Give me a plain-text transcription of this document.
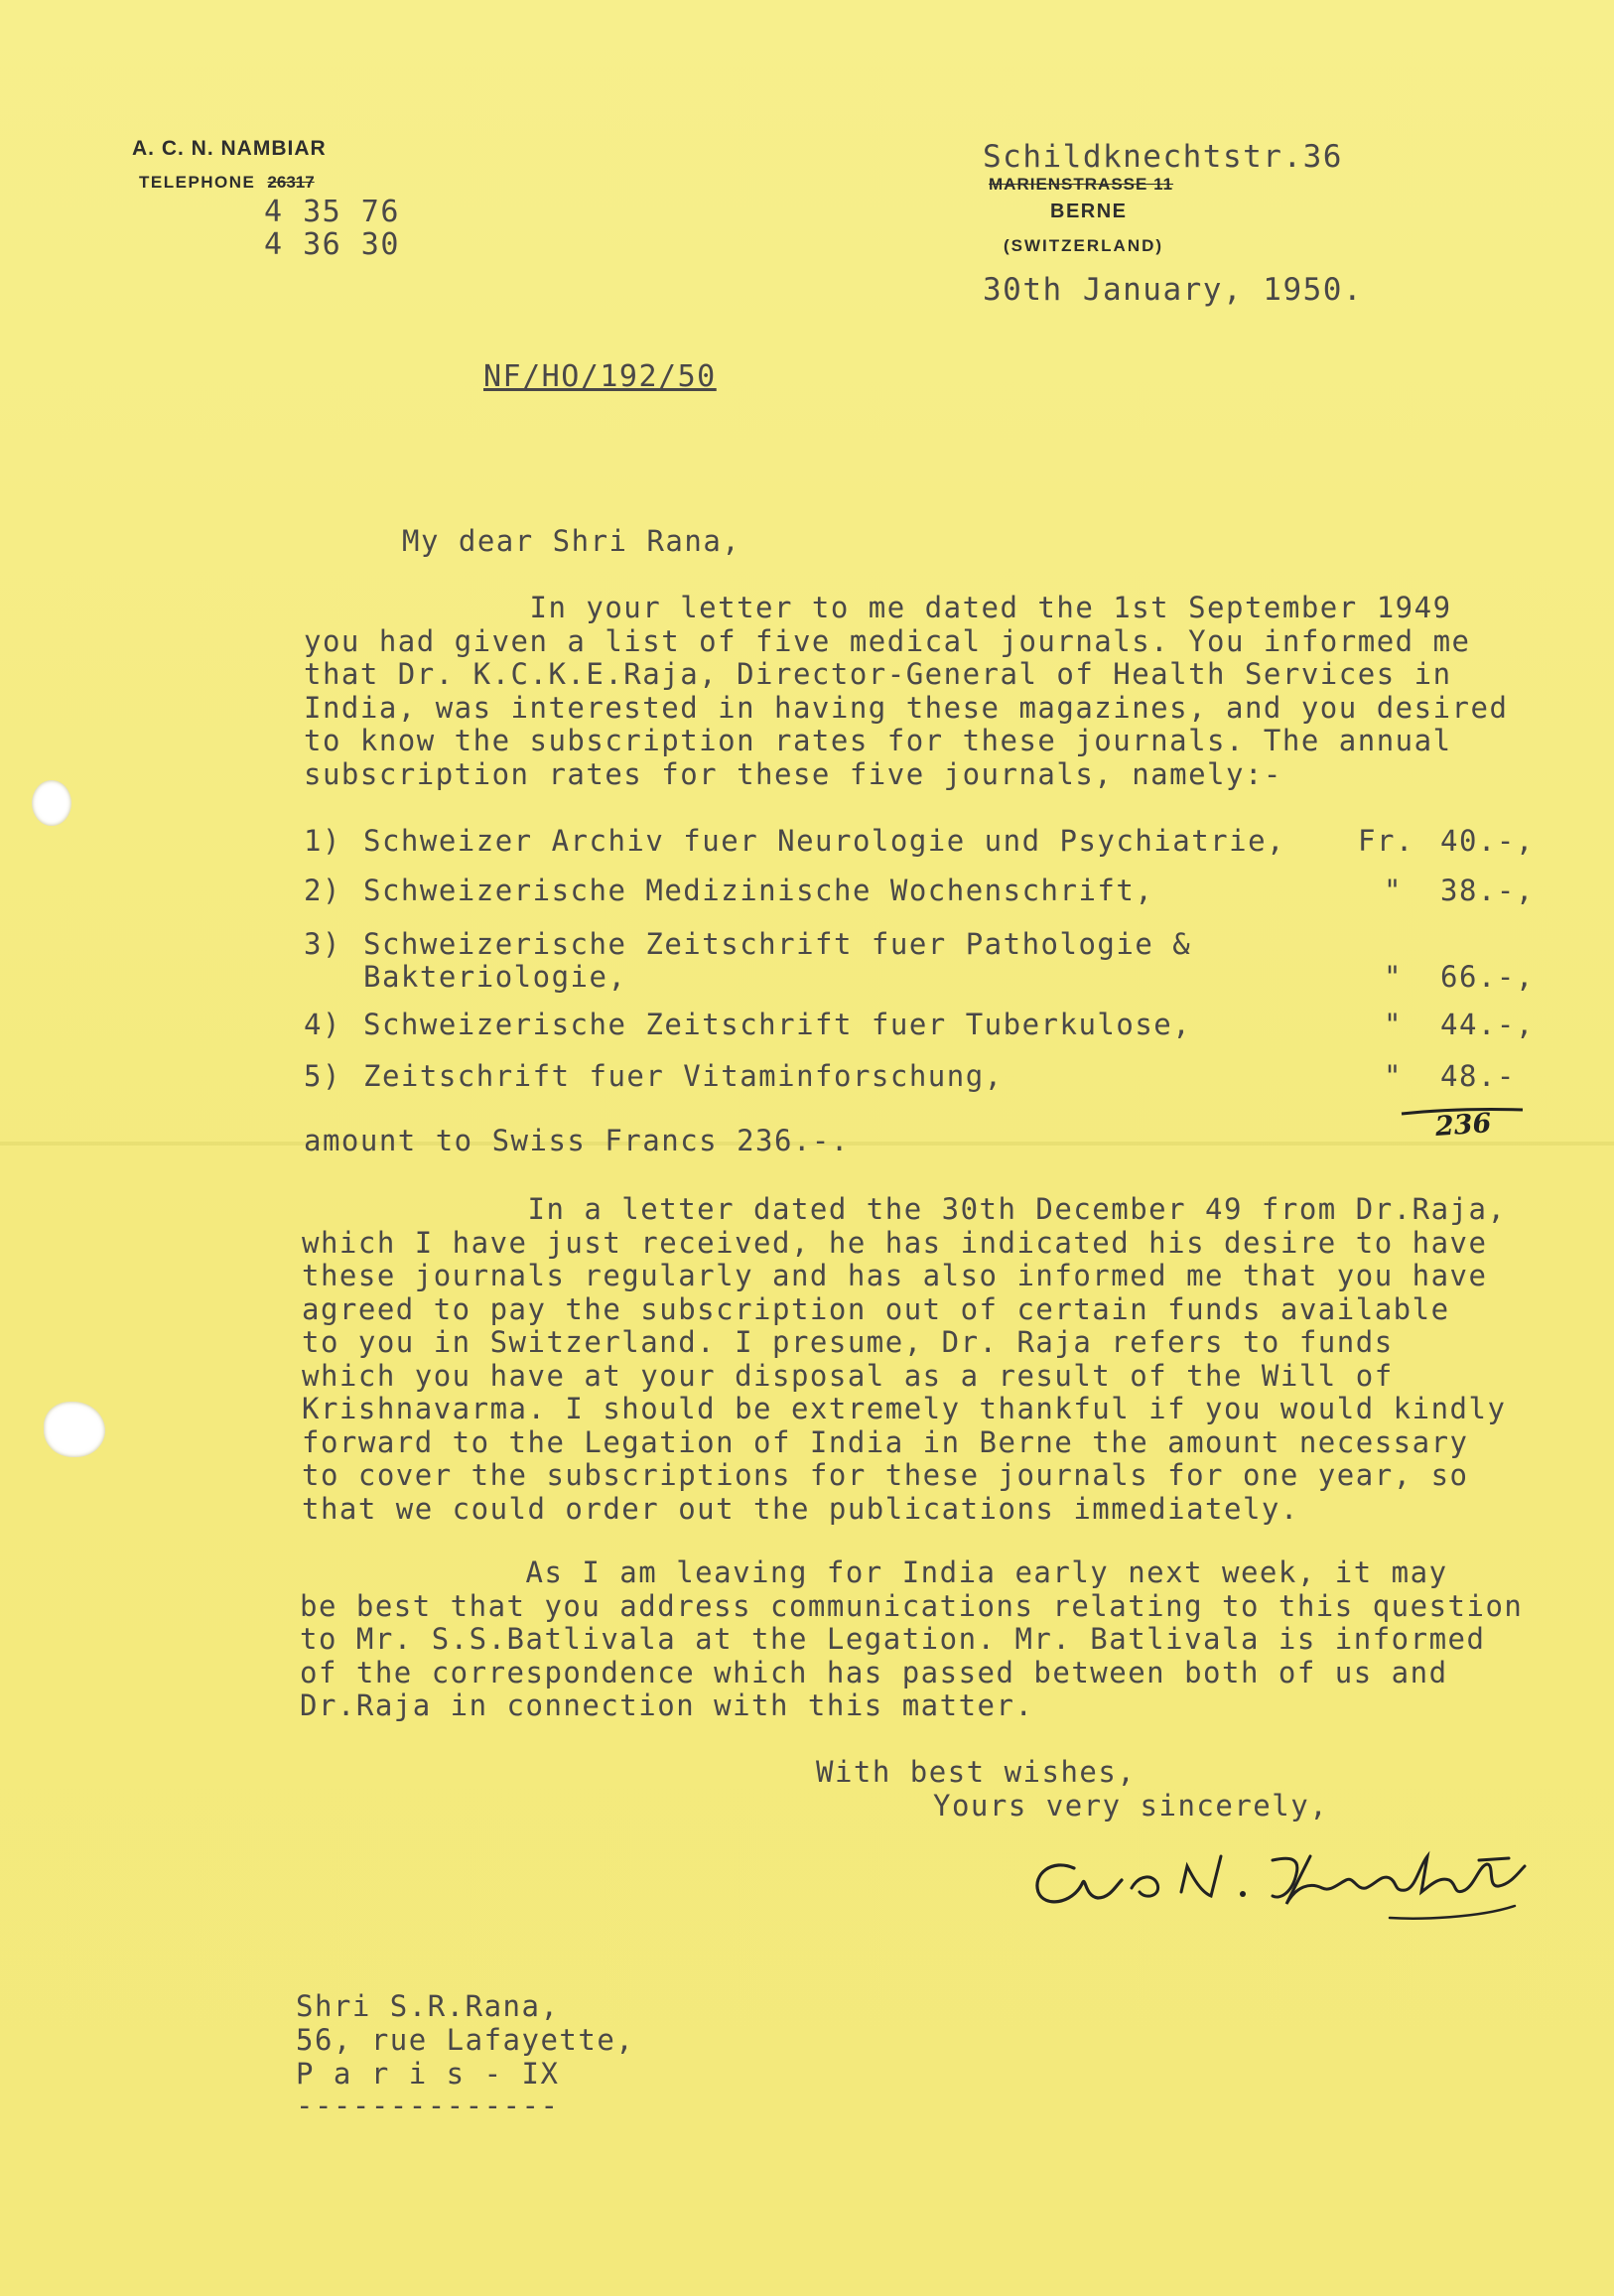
A. C. N. NAMBIAR
TELEPHONE 26317
4 35 76
4 36 30
Schildknechtstr.36
MARIENSTRASSE 11
BERNE
(SWITZERLAND)
30th January, 1950.
NF/HO/192/50
My dear Shri Rana,
In your letter to me dated the 1st September 1949
you had given a list of five medical journals. You informed me
that Dr. K.C.K.E.Raja, Director-General of Health Services in
India, was interested in having these magazines, and you desired
to know the subscription rates for these journals. The annual
subscription rates for these five journals, namely:-
1) Schweizer Archiv fuer Neurologie und Psychiatrie,	Fr. 40.-,
2) Schweizerische Medizinische Wochenschrift,	" 38.-,
3) Schweizerische Zeitschrift fuer Pathologie &
Bakteriologie,	" 66.-,
4) Schweizerische Zeitschrift fuer Tuberkulose,	" 44.-,
5) Zeitschrift fuer Vitaminforschung,	" 48.-
236
amount to Swiss Francs 236.-.
In a letter dated the 30th December 49 from Dr.Raja,
which I have just received, he has indicated his desire to have
these journals regularly and has also informed me that you have
agreed to pay the subscription out of certain funds available
to you in Switzerland. I presume, Dr. Raja refers to funds
which you have at your disposal as a result of the Will of
Krishnavarma. I should be extremely thankful if you would kindly
forward to the Legation of India in Berne the amount necessary
to cover the subscriptions for these journals for one year, so
that we could order out the publications immediately.
As I am leaving for India early next week, it may
be best that you address communications relating to this question
to Mr. S.S.Batlivala at the Legation. Mr. Batlivala is informed
of the correspondence which has passed between both of us and
Dr.Raja in connection with this matter.
With best wishes,
Yours very sincerely,
Shri S.R.Rana,
56, rue Lafayette,
P a r i s - IX
--------------
